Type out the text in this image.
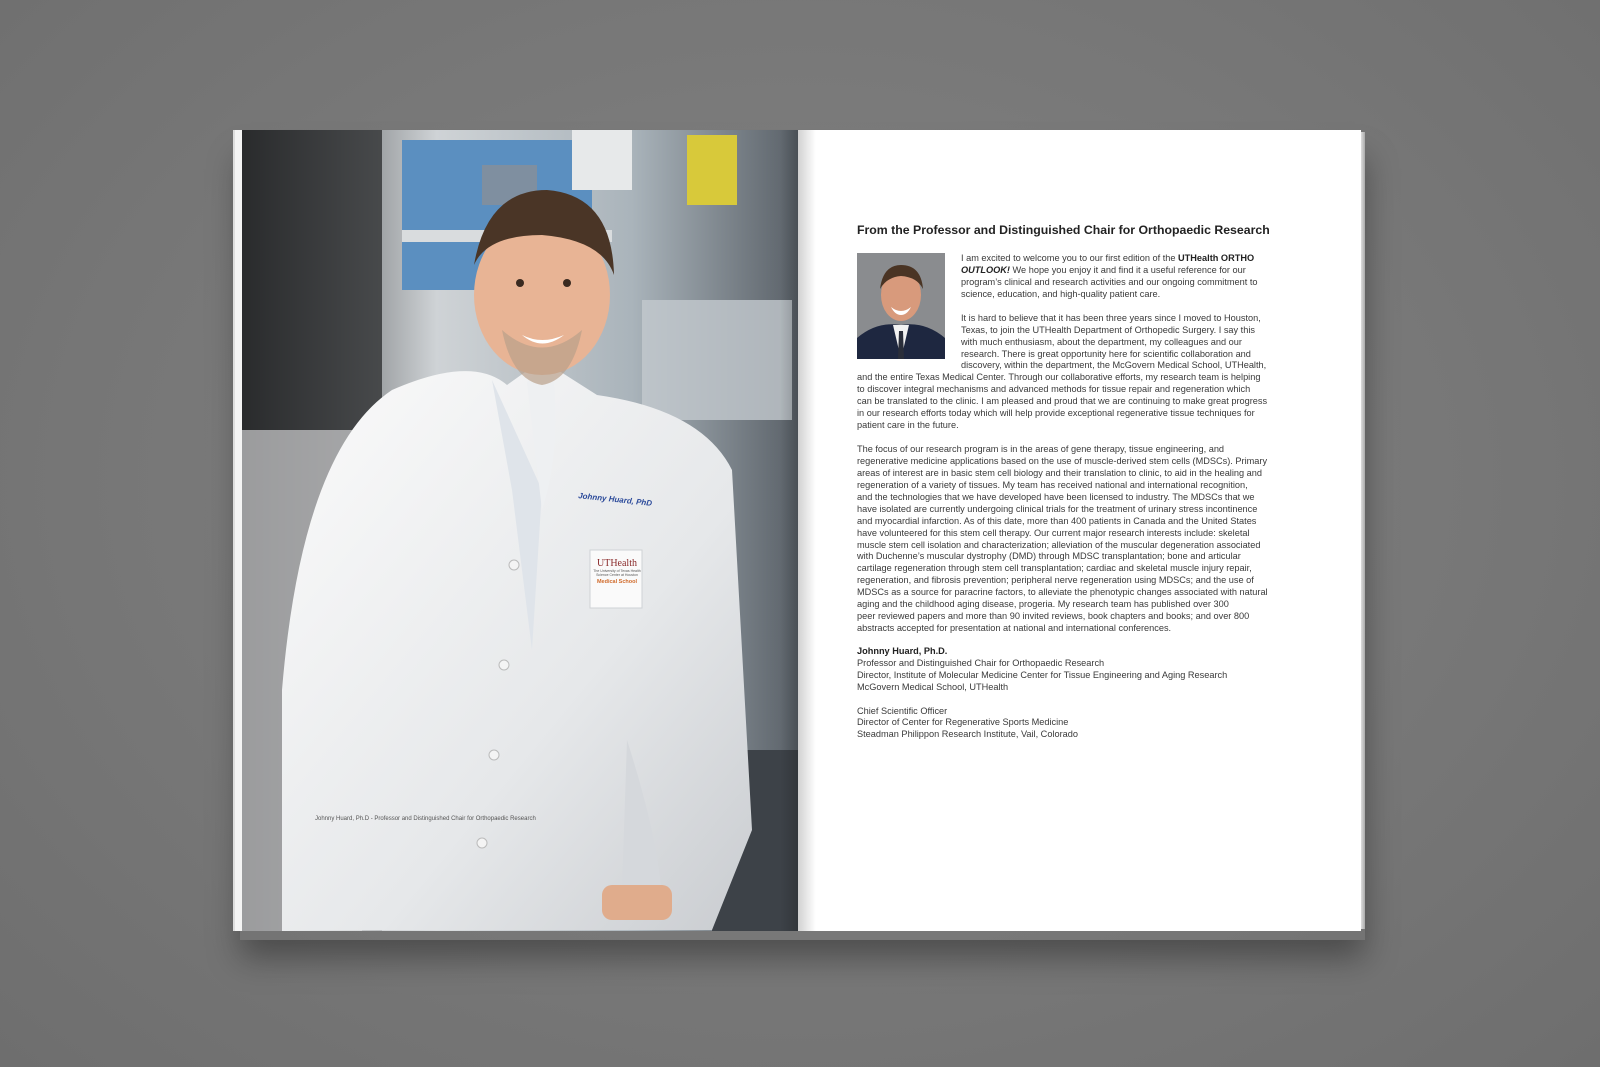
Johnny Huard, PhD
UTHealth
The University of Texas Health Science Center at Houston
Medical School
Johnny Huard, Ph.D - Professor and Distinguished Chair for Orthopaedic Research
From the Professor and Distinguished Chair for Orthopaedic Research
I am excited to welcome you to our first edition of the UTHealth ORTHO
OUTLOOK! We hope you enjoy it and find it a useful reference for our
program’s clinical and research activities and our ongoing commitment to
science, education, and high-quality patient care.
It is hard to believe that it has been three years since I moved to Houston,
Texas, to join the UTHealth Department of Orthopedic Surgery. I say this
with much enthusiasm, about the department, my colleagues and our
research. There is great opportunity here for scientific collaboration and
discovery, within the department, the McGovern Medical School, UTHealth,
and the entire Texas Medical Center. Through our collaborative efforts, my research team is helping
to discover integral mechanisms and advanced methods for tissue repair and regeneration which
can be translated to the clinic. I am pleased and proud that we are continuing to make great progress
in our research efforts today which will help provide exceptional regenerative tissue techniques for
patient care in the future.
The focus of our research program is in the areas of gene therapy, tissue engineering, and
regenerative medicine applications based on the use of muscle-derived stem cells (MDSCs). Primary
areas of interest are in basic stem cell biology and their translation to clinic, to aid in the healing and
regeneration of a variety of tissues. My team has received national and international recognition,
and the technologies that we have developed have been licensed to industry. The MDSCs that we
have isolated are currently undergoing clinical trials for the treatment of urinary stress incontinence
and myocardial infarction. As of this date, more than 400 patients in Canada and the United States
have volunteered for this stem cell therapy. Our current major research interests include: skeletal
muscle stem cell isolation and characterization; alleviation of the muscular degeneration associated
with Duchenne’s muscular dystrophy (DMD) through MDSC transplantation; bone and articular
cartilage regeneration through stem cell transplantation; cardiac and skeletal muscle injury repair,
regeneration, and fibrosis prevention; peripheral nerve regeneration using MDSCs; and the use of
MDSCs as a source for paracrine factors, to alleviate the phenotypic changes associated with natural
aging and the childhood aging disease, progeria. My research team has published over 300
peer reviewed papers and more than 90 invited reviews, book chapters and books; and over 800
abstracts accepted for presentation at national and international conferences.
Johnny Huard, Ph.D.
Professor and Distinguished Chair for Orthopaedic Research
Director, Institute of Molecular Medicine Center for Tissue Engineering and Aging Research
McGovern Medical School, UTHealth
Chief Scientific Officer
Director of Center for Regenerative Sports Medicine
Steadman Philippon Research Institute, Vail, Colorado
